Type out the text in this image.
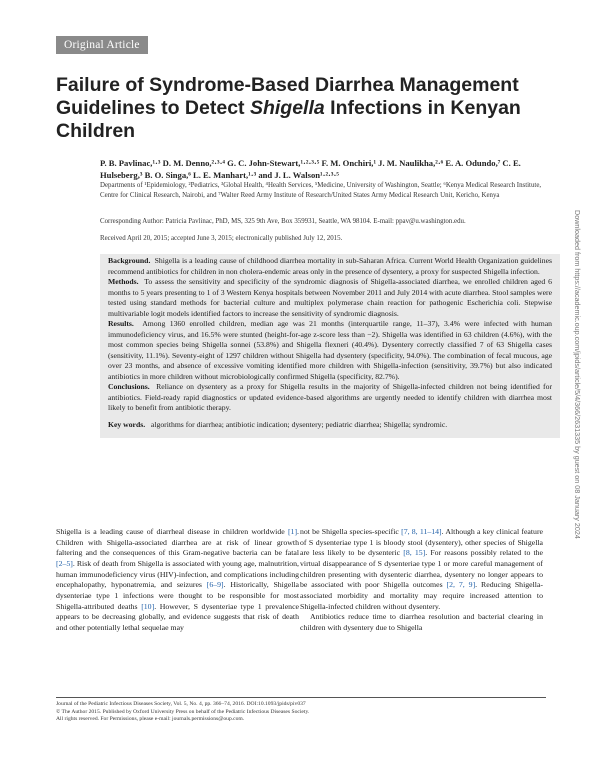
Original Article
Failure of Syndrome-Based Diarrhea Management Guidelines to Detect Shigella Infections in Kenyan Children
P. B. Pavlinac,¹·³ D. M. Denno,²·³·⁴ G. C. John-Stewart,¹·²·³·⁵ F. M. Onchiri,¹ J. M. Naulikha,²·⁶ E. A. Odundo,⁷ C. E. Hulseberg,³ B. O. Singa,⁶ L. E. Manhart,¹·³ and J. L. Walson¹·²·³·⁵
Departments of ¹Epidemiology, ²Pediatrics, ³Global Health, ⁴Health Services, ⁵Medicine, University of Washington, Seattle; ⁶Kenya Medical Research Institute, Centre for Clinical Research, Nairobi, and ⁷Walter Reed Army Institute of Research/United States Army Medical Research Unit, Kericho, Kenya
Corresponding Author: Patricia Pavlinac, PhD, MS, 325 9th Ave, Box 359931, Seattle, WA 98104. E-mail: ppav@u.washington.edu.
Received April 20, 2015; accepted June 3, 2015; electronically published July 12, 2015.

Background. Shigella is a leading cause of childhood diarrhea mortality in sub-Saharan Africa. Current World Health Organization guidelines recommend antibiotics for children in non cholera-endemic areas only in the presence of dysentery, a proxy for suspected Shigella infection.

Methods. To assess the sensitivity and specificity of the syndromic diagnosis of Shigella-associated diarrhea, we enrolled children aged 6 months to 5 years presenting to 1 of 3 Western Kenya hospitals between November 2011 and July 2014 with acute diarrhea. Stool samples were tested using standard methods for bacterial culture and multiplex polymerase chain reaction for pathogenic Escherichia coli. Stepwise multivariable logit models identified factors to increase the sensitivity of syndromic diagnosis.

Results. Among 1360 enrolled children, median age was 21 months (interquartile range, 11–37), 3.4% were infected with human immunodeficiency virus, and 16.5% were stunted (height-for-age z-score less than −2). Shigella was identified in 63 children (4.6%), with the most common species being Shigella sonnei (53.8%) and Shigella flexneri (40.4%). Dysentery correctly classified 7 of 63 Shigella cases (sensitivity, 11.1%). Seventy-eight of 1297 children without Shigella had dysentery (specificity, 94.0%). The combination of fecal mucous, age over 23 months, and absence of excessive vomiting identified more children with Shigella-infection (sensitivity, 39.7%) but also indicated antibiotics in more children without microbiologically confirmed Shigella (specificity, 82.7%).

Conclusions. Reliance on dysentery as a proxy for Shigella results in the majority of Shigella-infected children not being identified for antibiotics. Field-ready rapid diagnostics or updated evidence-based algorithms are urgently needed to identify children with diarrhea most likely to benefit from antibiotic therapy.

Key words. algorithms for diarrhea; antibiotic indication; dysentery; pediatric diarrhea; Shigella; syndromic.

Shigella is a leading cause of diarrheal disease in children worldwide [1]. Children with Shigella-associated diarrhea are at risk of linear growth faltering and the consequences of this Gram-negative bacteria can be fatal [2–5]. Risk of death from Shigella is associated with young age, malnutrition, human immunodeficiency virus (HIV)-infection, and complications including encephalopathy, hyponatremia, and seizures [6–9]. Historically, Shigella dysenteriae type 1 infections were thought to be responsible for most Shigella-attributed deaths [10]. However, S dysenteriae type 1 prevalence appears to be decreasing globally, and evidence suggests that risk of death and other potentially lethal sequelae may

not be Shigella species-specific [7, 8, 11–14]. Although a key clinical feature of S dysenteriae type 1 is bloody stool (dysentery), other species of Shigella are less likely to be dysenteric [8, 15]. For reasons possibly related to the virtual disappearance of S dysenteriae type 1 or more careful management of children presenting with dysenteric diarrhea, dysentery no longer appears to be associated with poor Shigella outcomes [2, 7, 9]. Reducing Shigella-associated morbidity and mortality may require increased attention to Shigella-infected children without dysentery.

Antibiotics reduce time to diarrhea resolution and bacterial clearing in children with dysentery due to Shigella

Journal of the Pediatric Infectious Diseases Society, Vol. 5, No. 4, pp. 366–74, 2016. DOI:10.1093/jpids/piv037
© The Author 2015. Published by Oxford University Press on behalf of the Pediatric Infectious Diseases Society.
All rights reserved. For Permissions, please e-mail: journals.permissions@oup.com.
Downloaded from https://academic.oup.com/jpids/article/5/4/366/2631335 by guest on 08 January 2024
